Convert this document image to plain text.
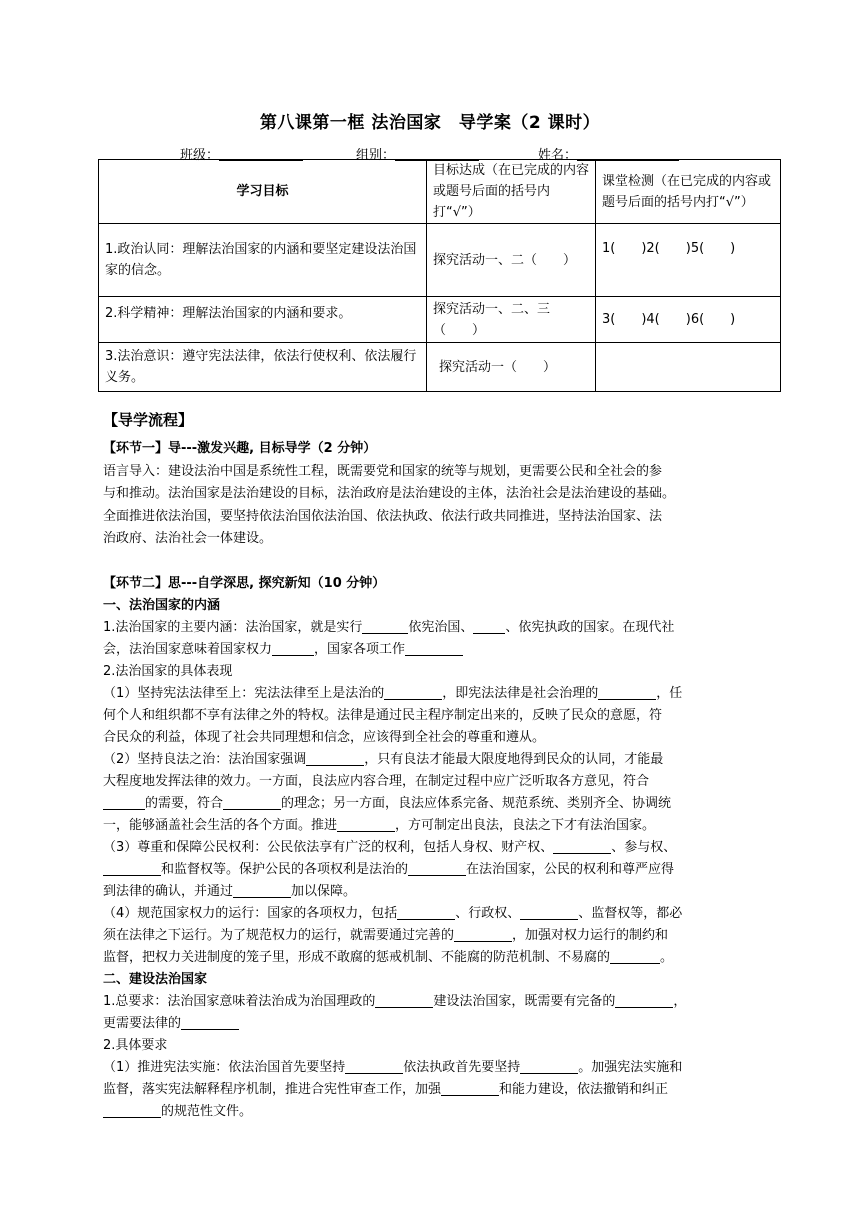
第八课第一框 法治国家　导学案（2 课时）
班级：	组别：	姓名：
学习目标	目标达成（在已完成的内容或题号后面的括号内打“√”）	课堂检测（在已完成的内容或题号后面的括号内打“√”）
1.政治认同：理解法治国家的内涵和要坚定建设法治国家的信念。	探究活动一、二（　　）	1(　　)2(　　)5(　　)
2.科学精神：理解法治国家的内涵和要求。	探究活动一、二、三（　　）	3(　　)4(　　)6(　　)
3.法治意识：遵守宪法法律，依法行使权利、依法履行义务。	探究活动一（　　）	
【导学流程】
【环节一】导---激发兴趣, 目标导学（2 分钟）
语言导入：建设法治中国是系统性工程，既需要党和国家的统等与规划，更需要公民和全社会的参
与和推动。法治国家是法治建设的目标，法治政府是法治建设的主体，法治社会是法治建设的基础。
全面推进依法治国，要坚持依法治国依法治国、依法执政、依法行政共同推进，坚持法治国家、法
治政府、法治社会一体建设。
【环节二】思---自学深思, 探究新知（10 分钟）
一、法治国家的内涵
1.法治国家的主要内涵：法治国家，就是实行	依宪治国、 、依宪执政的国家。在现代社
会，法治国家意味着国家权力	，国家各项工作
2.法治国家的具体表现
（1）坚持宪法法律至上：宪法法律至上是法治的	，即宪法法律是社会治理的	，任
何个人和组织都不享有法律之外的特权。法律是通过民主程序制定出来的，反映了民众的意愿，符
合民众的利益，体现了社会共同理想和信念，应该得到全社会的尊重和遵从。
（2）坚持良法之治：法治国家强调	，只有良法才能最大限度地得到民众的认同，才能最
大程度地发挥法律的效力。一方面，良法应内容合理，在制定过程中应广泛听取各方意见，符合
的需要，符合	的理念；另一方面，良法应体系完备、规范系统、类别齐全、协调统
一，能够涵盖社会生活的各个方面。推进	，方可制定出良法，良法之下才有法治国家。
（3）尊重和保障公民权利：公民依法享有广泛的权利，包括人身权、财产权、	、参与权、
和监督权等。保护公民的各项权利是法治的	在法治国家，公民的权利和尊严应得
到法律的确认，并通过	加以保障。
（4）规范国家权力的运行：国家的各项权力，包括	、行政权、	、监督权等，都必
须在法律之下运行。为了规范权力的运行，就需要通过完善的	，加强对权力运行的制约和
监督，把权力关进制度的笼子里，形成不敢腐的惩戒机制、不能腐的防范机制、不易腐的	。
二、建设法治国家
1.总要求：法治国家意味着法治成为治国理政的	建设法治国家，既需要有完备的	，
更需要法律的
2.具体要求
（1）推进宪法实施：依法治国首先要坚持	依法执政首先要坚持	。加强宪法实施和
监督，落实宪法解释程序机制，推进合宪性审查工作，加强	和能力建设，依法撤销和纠正
的规范性文件。
